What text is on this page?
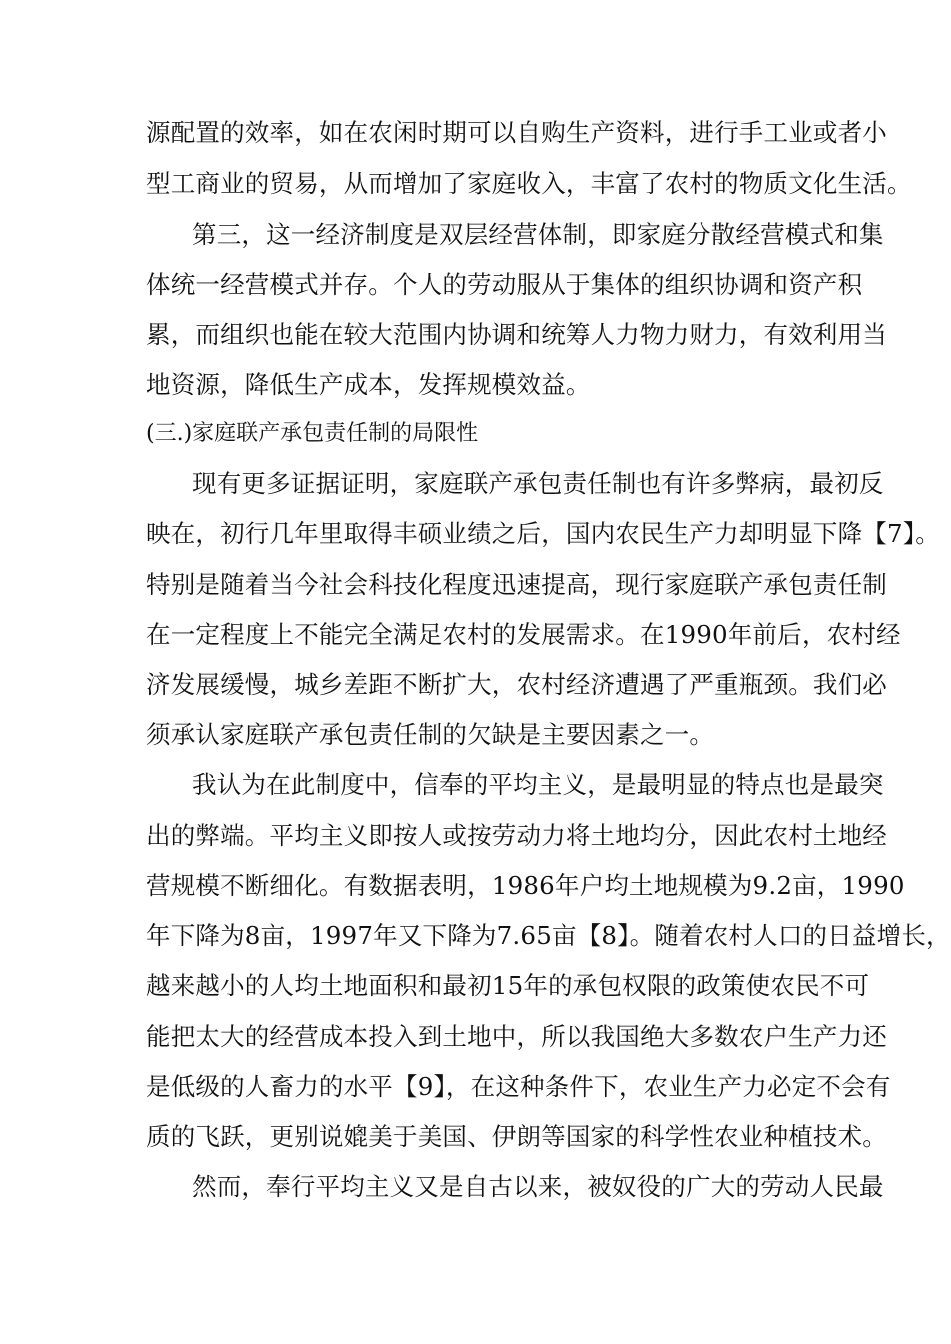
源配置的效率，如在农闲时期可以自购生产资料，进行手工业或者小
型工商业的贸易，从而增加了家庭收入，丰富了农村的物质文化生活。
第三，这一经济制度是双层经营体制，即家庭分散经营模式和集
体统一经营模式并存。个人的劳动服从于集体的组织协调和资产积
累，而组织也能在较大范围内协调和统筹人力物力财力，有效利用当
地资源，降低生产成本，发挥规模效益。
(三.)家庭联产承包责任制的局限性
现有更多证据证明，家庭联产承包责任制也有许多弊病，最初反
映在，初行几年里取得丰硕业绩之后，国内农民生产力却明显下降【7】。
特别是随着当今社会科技化程度迅速提高，现行家庭联产承包责任制
在一定程度上不能完全满足农村的发展需求。在1990年前后，农村经
济发展缓慢，城乡差距不断扩大，农村经济遭遇了严重瓶颈。我们必
须承认家庭联产承包责任制的欠缺是主要因素之一。
我认为在此制度中，信奉的平均主义，是最明显的特点也是最突
出的弊端。平均主义即按人或按劳动力将土地均分，因此农村土地经
营规模不断细化。有数据表明，1986年户均土地规模为9.2亩，1990
年下降为8亩，1997年又下降为7.65亩【8】。随着农村人口的日益增长，
越来越小的人均土地面积和最初15年的承包权限的政策使农民不可
能把太大的经营成本投入到土地中，所以我国绝大多数农户生产力还
是低级的人畜力的水平【9】，在这种条件下，农业生产力必定不会有
质的飞跃，更别说媲美于美国、伊朗等国家的科学性农业种植技术。
然而，奉行平均主义又是自古以来，被奴役的广大的劳动人民最
